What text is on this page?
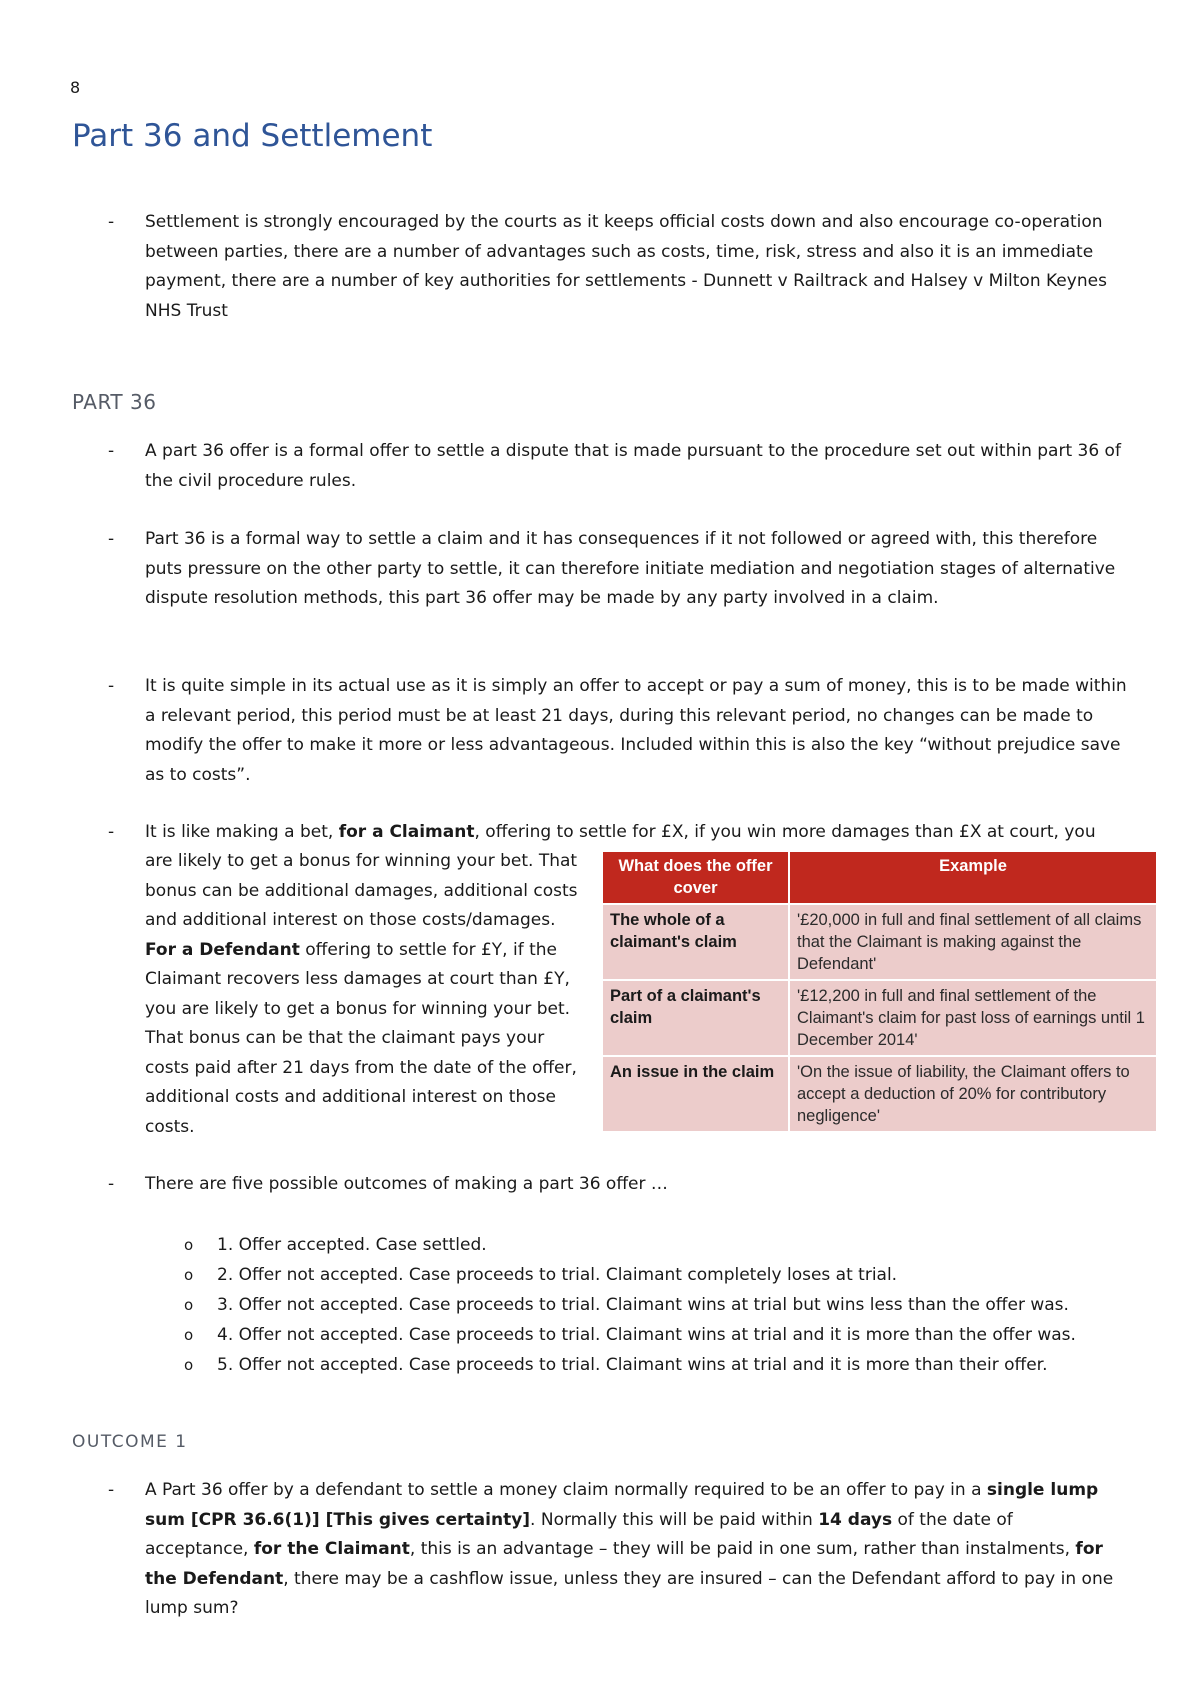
8
Part 36 and Settlement
- Settlement is strongly encouraged by the courts as it keeps official costs down and also encourage co-operation between parties, there are a number of advantages such as costs, time, risk, stress and also it is an immediate payment, there are a number of key authorities for settlements - Dunnett v Railtrack and Halsey v Milton Keynes NHS Trust

PART 36
- A part 36 offer is a formal offer to settle a dispute that is made pursuant to the procedure set out within part 36 of the civil procedure rules.

- Part 36 is a formal way to settle a claim and it has consequences if it not followed or agreed with, this therefore puts pressure on the other party to settle, it can therefore initiate mediation and negotiation stages of alternative dispute resolution methods, this part 36 offer may be made by any party involved in a claim.

- It is quite simple in its actual use as it is simply an offer to accept or pay a sum of money, this is to be made within a relevant period, this period must be at least 21 days, during this relevant period, no changes can be made to modify the offer to make it more or less advantageous. Included within this is also the key “without prejudice save as to costs”.

- It is like making a bet, for a Claimant, offering to settle for £X, if you win more damages than £X at court, you

are likely to get a bonus for winning your bet. That bonus can be additional damages, additional costs and additional interest on those costs/damages. For a Defendant offering to settle for £Y, if the Claimant recovers less damages at court than £Y, you are likely to get a bonus for winning your bet. That bonus can be that the claimant pays your costs paid after 21 days from the date of the offer, additional costs and additional interest on those costs.

What does the offer cover	Example
The whole of a claimant's claim	'£20,000 in full and final settlement of all claims that the Claimant is making against the Defendant'
Part of a claimant's claim	'£12,200 in full and final settlement of the Claimant's claim for past loss of earnings until 1 December 2014'
An issue in the claim	'On the issue of liability, the Claimant offers to accept a deduction of 20% for contributory negligence'
- There are five possible outcomes of making a part 36 offer …

o 1. Offer accepted. Case settled.

o 2. Offer not accepted. Case proceeds to trial. Claimant completely loses at trial.

o 3. Offer not accepted. Case proceeds to trial. Claimant wins at trial but wins less than the offer was.

o 4. Offer not accepted. Case proceeds to trial. Claimant wins at trial and it is more than the offer was.

o 5. Offer not accepted. Case proceeds to trial. Claimant wins at trial and it is more than their offer.

OUTCOME 1
- A Part 36 offer by a defendant to settle a money claim normally required to be an offer to pay in a single lump sum [CPR 36.6(1)] [This gives certainty]. Normally this will be paid within 14 days of the date of acceptance, for the Claimant, this is an advantage – they will be paid in one sum, rather than instalments, for the Defendant, there may be a cashflow issue, unless they are insured – can the Defendant afford to pay in one lump sum?
